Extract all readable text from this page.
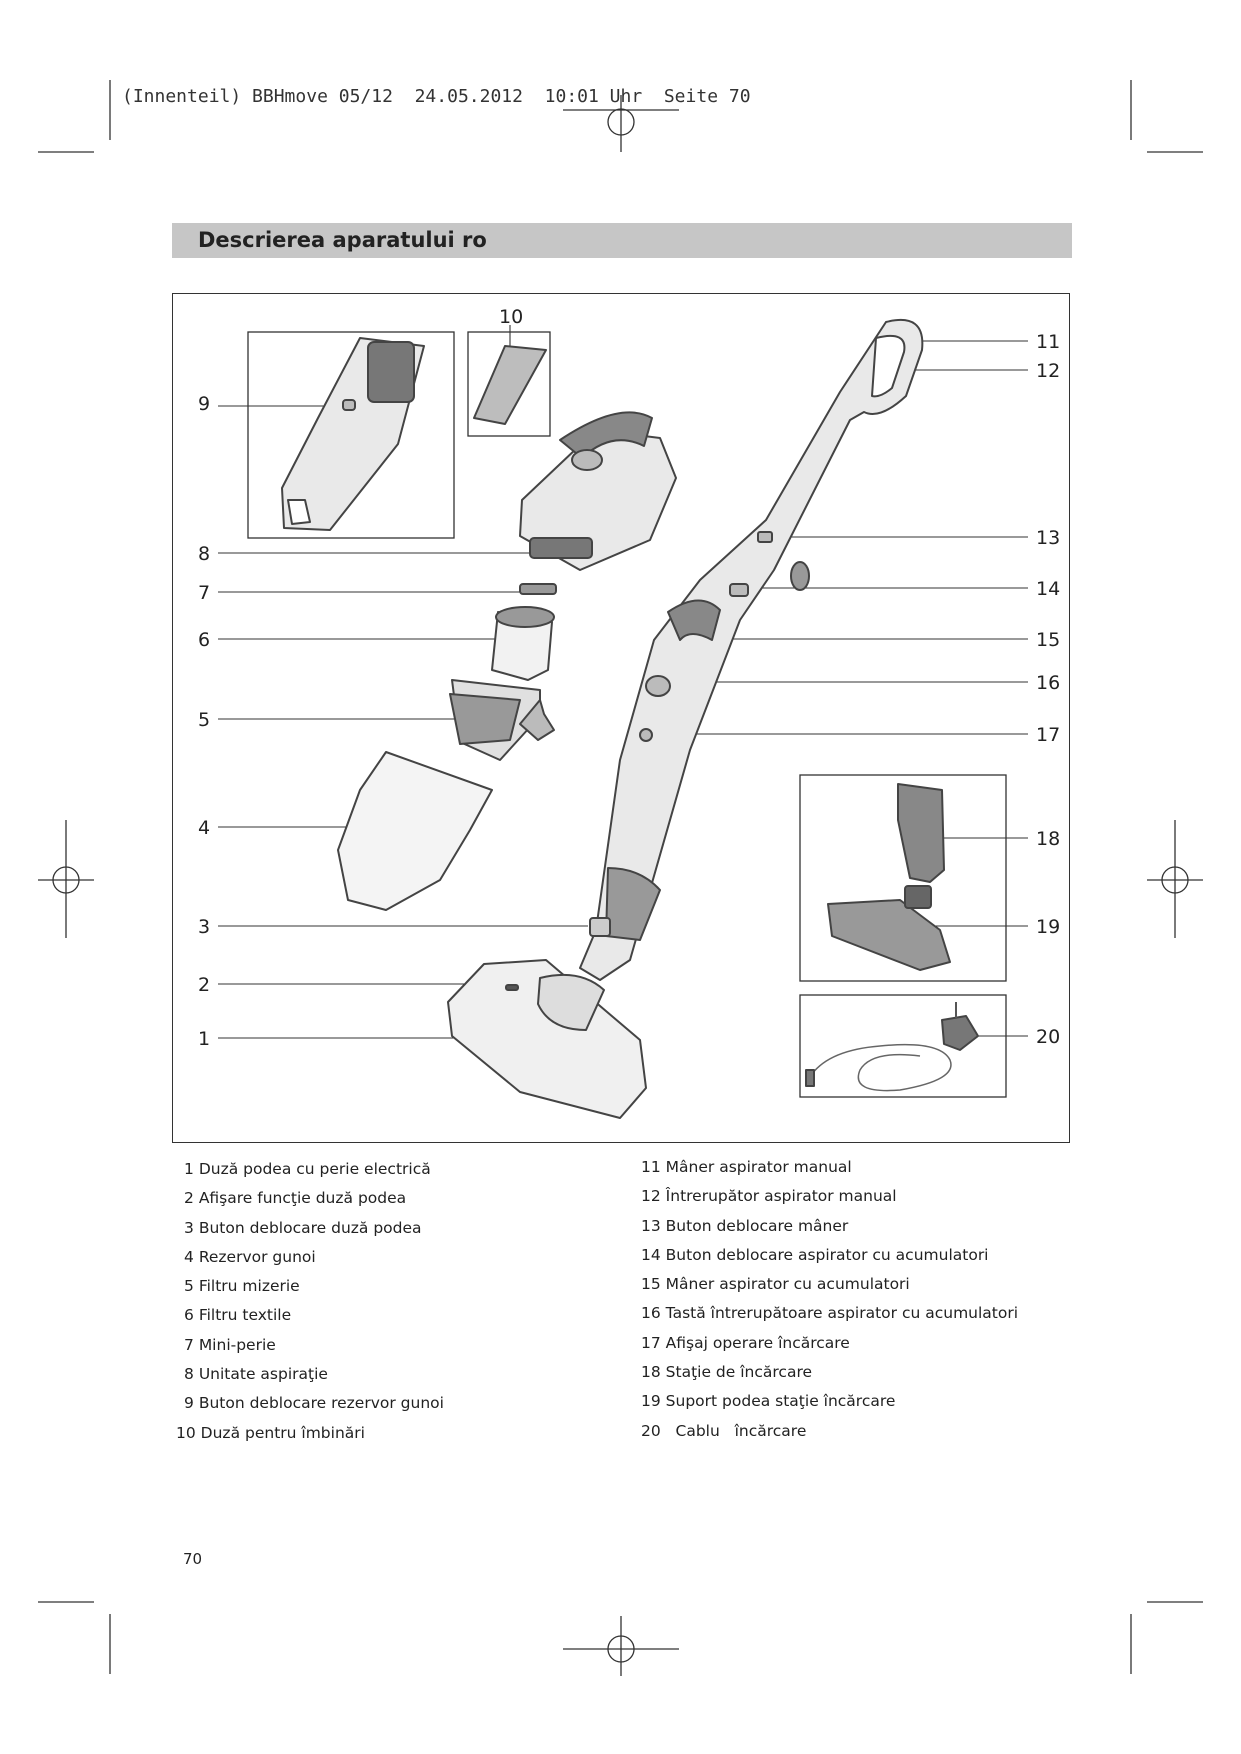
(Innenteil) BBHmove 05/12  24.05.2012  10:01 Uhr  Seite 70
Descrierea aparatului ro
9
10
8
7
6
5
4
3
2
1
11
12
13
14
15
16
17
18
19
20
1 Duză podea cu perie electrică
2 Afişare funcţie duză podea
3 Buton deblocare duză podea
4 Rezervor gunoi
5 Filtru mizerie
6 Filtru textile
7 Mini-perie
8 Unitate aspiraţie
9 Buton deblocare rezervor gunoi
10 Duză pentru îmbinări
11 Mâner aspirator manual
12 Întrerupător aspirator manual
13 Buton deblocare mâner
14 Buton deblocare aspirator cu acumulatori
15 Mâner aspirator cu acumulatori
16 Tastă întrerupătoare aspirator cu acumulatori
17 Afişaj operare încărcare
18 Staţie de încărcare
19 Suport podea staţie încărcare
20   Cablu   încărcare
70
